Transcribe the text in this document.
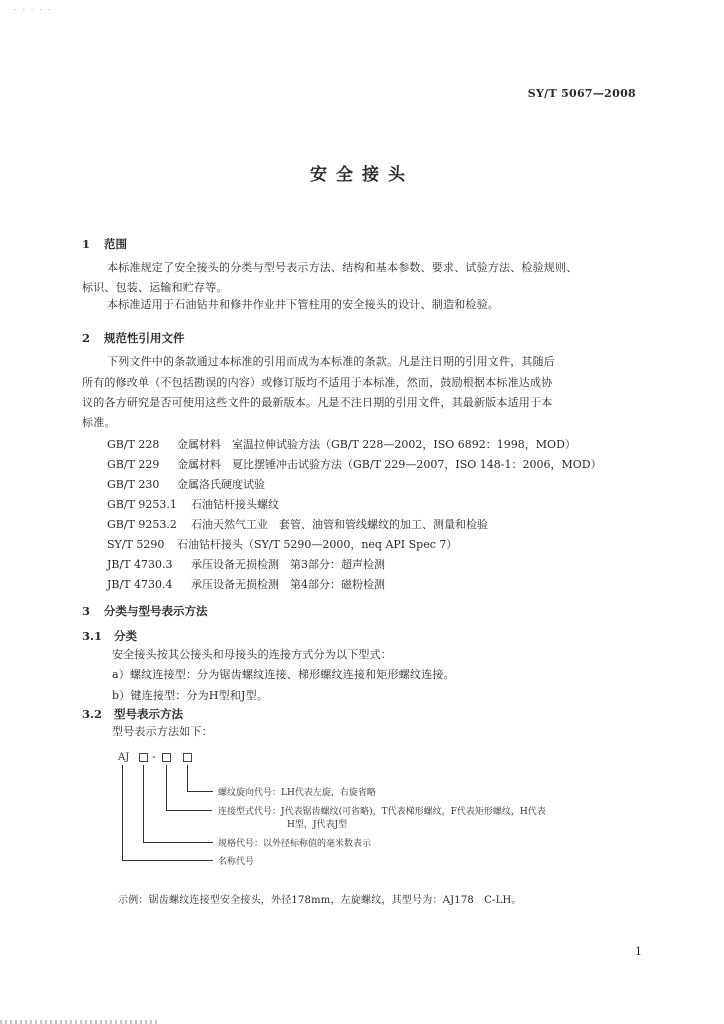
- · · · -
SY/T 5067—2008
安全接头
1 范围
本标准规定了安全接头的分类与型号表示方法、结构和基本参数、要求、试验方法、检验规则、
标识、包装、运输和贮存等。
本标准适用于石油钻井和修井作业井下管柱用的安全接头的设计、制造和检验。
2 规范性引用文件
下列文件中的条款通过本标准的引用而成为本标准的条款。凡是注日期的引用文件，其随后
所有的修改单（不包括勘误的内容）或修订版均不适用于本标准，然而，鼓励根据本标准达成协
议的各方研究是否可使用这些文件的最新版本。凡是不注日期的引用文件，其最新版本适用于本
标准。
GB/T 228 金属材料　室温拉伸试验方法（GB/T 228—2002，ISO 6892：1998，MOD）
GB/T 229 金属材料　夏比摆锤冲击试验方法（GB/T 229—2007，ISO 148-1：2006，MOD）
GB/T 230 金属洛氏硬度试验
GB/T 9253.1 石油钻杆接头螺纹
GB/T 9253.2 石油天然气工业　套管、油管和管线螺纹的加工、测量和检验
SY/T 5290 石油钻杆接头（SY/T 5290—2000，neq API Spec 7）
JB/T 4730.3 承压设备无损检测　第3部分：超声检测
JB/T 4730.4 承压设备无损检测　第4部分：磁粉检测
3 分类与型号表示方法
3.1 分类
安全接头按其公接头和母接头的连接方式分为以下型式：
a）螺纹连接型：分为锯齿螺纹连接、梯形螺纹连接和矩形螺纹连接。
b）键连接型：分为H型和J型。
3.2 型号表示方法
型号表示方法如下：
AJ -
螺纹旋向代号：LH代表左旋，右旋省略
连接型式代号：J代表锯齿螺纹(可省略)，T代表梯形螺纹，F代表矩形螺纹，H代表
H型，J代表J型
规格代号：以外径标称值的毫米数表示
名称代号
示例：锯齿螺纹连接型安全接头，外径178mm，左旋螺纹，其型号为：AJ178　C-LH。
1
